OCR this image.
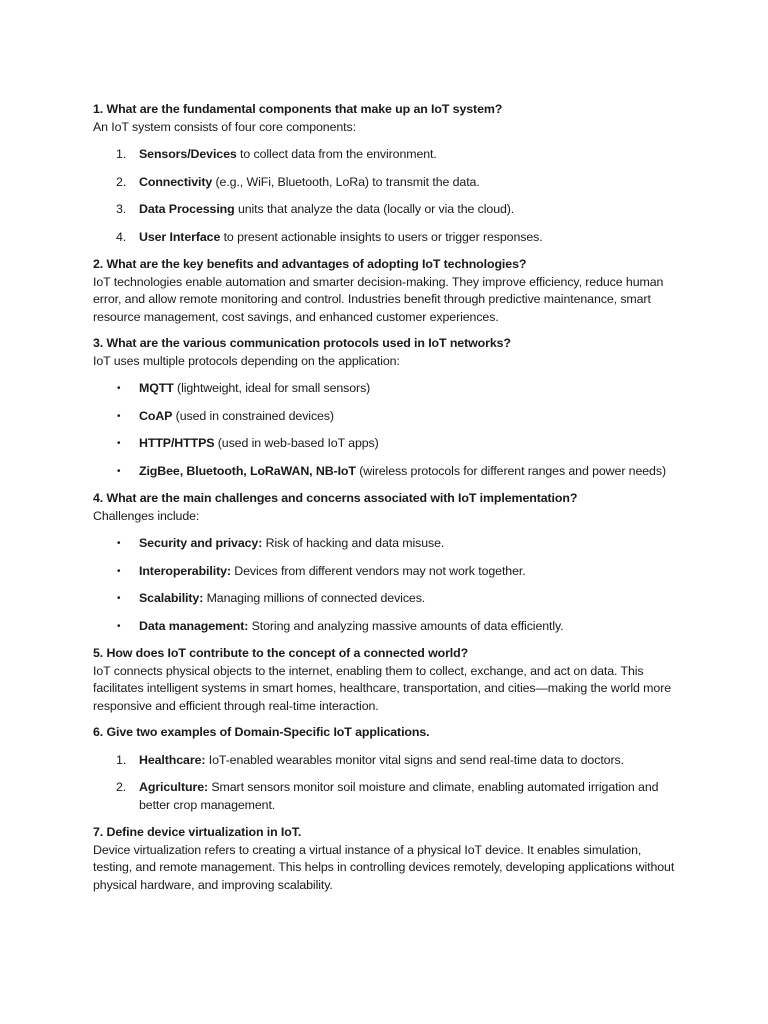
1. What are the fundamental components that make up an IoT system?

An IoT system consists of four core components:

1. Sensors/Devices to collect data from the environment.
2. Connectivity (e.g., WiFi, Bluetooth, LoRa) to transmit the data.
3. Data Processing units that analyze the data (locally or via the cloud).
4. User Interface to present actionable insights to users or trigger responses.

2. What are the key benefits and advantages of adopting IoT technologies?

IoT technologies enable automation and smarter decision-making. They improve efficiency, reduce human error, and allow remote monitoring and control. Industries benefit through predictive maintenance, smart resource management, cost savings, and enhanced customer experiences.

3. What are the various communication protocols used in IoT networks?

IoT uses multiple protocols depending on the application:

• MQTT (lightweight, ideal for small sensors)
• CoAP (used in constrained devices)
• HTTP/HTTPS (used in web-based IoT apps)
• ZigBee, Bluetooth, LoRaWAN, NB-IoT (wireless protocols for different ranges and power needs)

4. What are the main challenges and concerns associated with IoT implementation?

Challenges include:

• Security and privacy: Risk of hacking and data misuse.
• Interoperability: Devices from different vendors may not work together.
• Scalability: Managing millions of connected devices.
• Data management: Storing and analyzing massive amounts of data efficiently.

5. How does IoT contribute to the concept of a connected world?

IoT connects physical objects to the internet, enabling them to collect, exchange, and act on data. This facilitates intelligent systems in smart homes, healthcare, transportation, and cities—making the world more responsive and efficient through real-time interaction.

6. Give two examples of Domain-Specific IoT applications.

1. Healthcare: IoT-enabled wearables monitor vital signs and send real-time data to doctors.
2. Agriculture: Smart sensors monitor soil moisture and climate, enabling automated irrigation and better crop management.

7. Define device virtualization in IoT.

Device virtualization refers to creating a virtual instance of a physical IoT device. It enables simulation, testing, and remote management. This helps in controlling devices remotely, developing applications without physical hardware, and improving scalability.
